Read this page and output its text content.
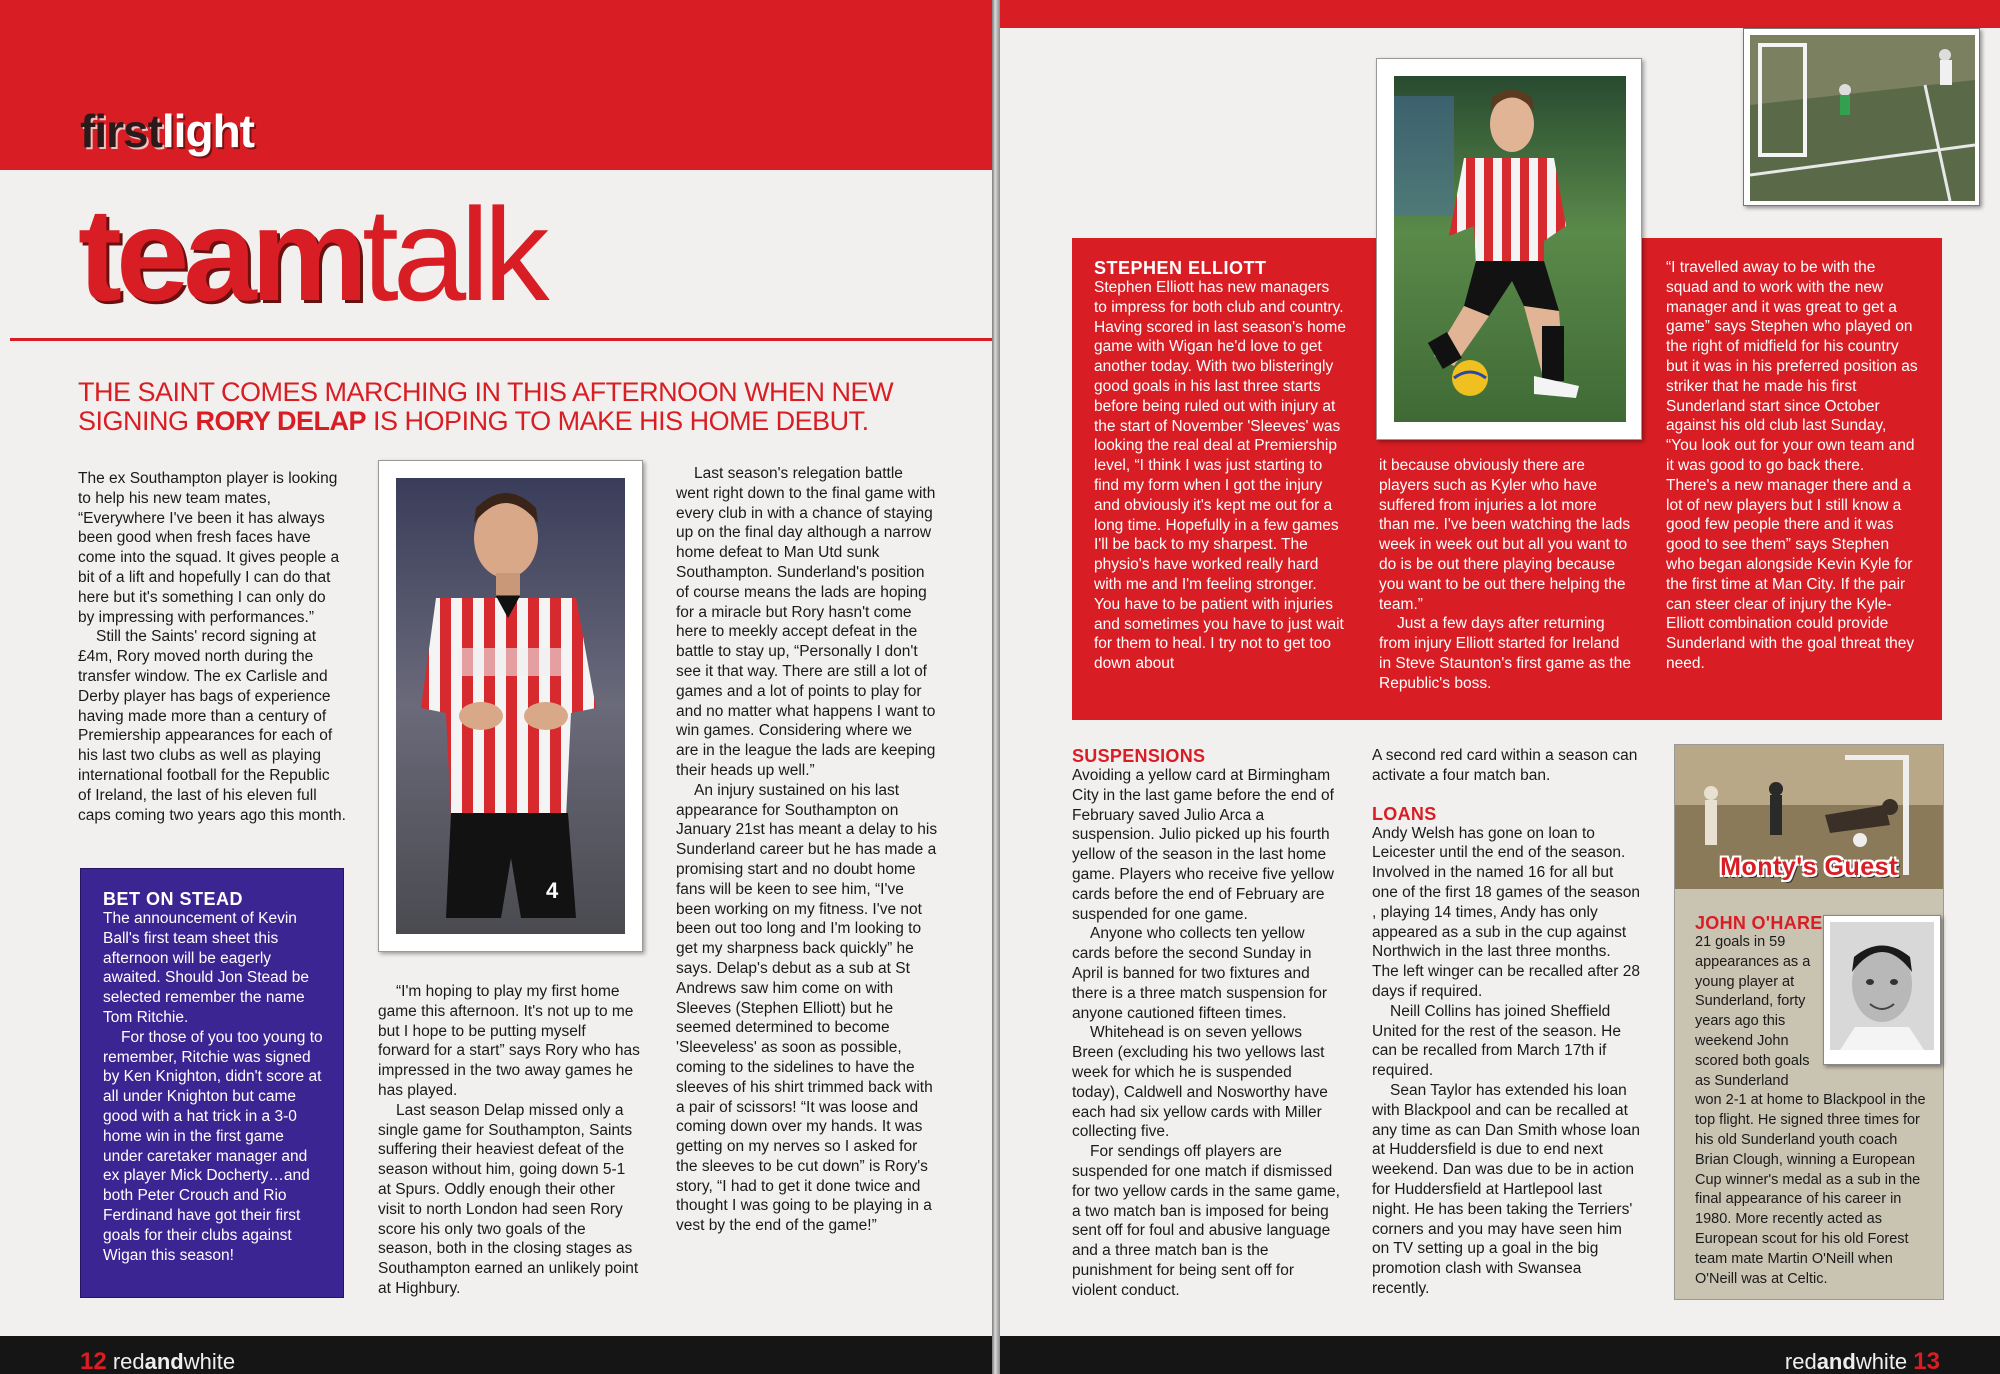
firstlight
teamtalk
THE SAINT COMES MARCHING IN THIS AFTERNOON WHEN NEW SIGNING RORY DELAP IS HOPING TO MAKE HIS HOME DEBUT.

The ex Southampton player is looking to help his new team mates, “Everywhere I've been it has always been good when fresh faces have come into the squad. It gives people a bit of a lift and hopefully I can do that here but it's something I can only do by impressing with performances.”

Still the Saints' record signing at £4m, Rory moved north during the transfer window. The ex Carlisle and Derby player has bags of experience having made more than a century of Premiership appearances for each of his last two clubs as well as playing international football for the Republic of Ireland, the last of his eleven full caps coming two years ago this month.

BET ON STEAD

The announcement of Kevin Ball's first team sheet this afternoon will be eagerly awaited. Should Jon Stead be selected remember the name Tom Ritchie.

For those of you too young to remember, Ritchie was signed by Ken Knighton, didn't score at all under Knighton but came good with a hat trick in a 3-0 home win in the first game under caretaker manager and ex player Mick Docherty…and both Peter Crouch and Rio Ferdinand have got their first goals for their clubs against Wigan this season!

4

“I'm hoping to play my first home game this afternoon. It's not up to me but I hope to be putting myself forward for a start” says Rory who has impressed in the two away games he has played.

Last season Delap missed only a single game for Southampton, Saints suffering their heaviest defeat of the season without him, going down 5-1 at Spurs. Oddly enough their other visit to north London had seen Rory score his only two goals of the season, both in the closing stages as Southampton earned an unlikely point at Highbury.

Last season's relegation battle went right down to the final game with every club in with a chance of staying up on the final day although a narrow home defeat to Man Utd sunk Southampton. Sunderland's position of course means the lads are hoping for a miracle but Rory hasn't come here to meekly accept defeat in the battle to stay up, “Personally I don't see it that way. There are still a lot of games and a lot of points to play for and no matter what happens I want to win games. Considering where we are in the league the lads are keeping their heads up well.”

An injury sustained on his last appearance for Southampton on January 21st has meant a delay to his Sunderland career but he has made a promising start and no doubt home fans will be keen to see him, “I've been working on my fitness. I've not been out too long and I'm looking to get my sharpness back quickly” he says. Delap's debut as a sub at St Andrews saw him come on with Sleeves (Stephen Elliott) but he seemed determined to become 'Sleeveless' as soon as possible, coming to the sidelines to have the sleeves of his shirt trimmed back with a pair of scissors! “It was loose and coming down over my hands. It was getting on my nerves so I asked for the sleeves to be cut down” is Rory's story, “I had to get it done twice and thought I was going to be playing in a vest by the end of the game!”

12 redandwhite
STEPHEN ELLIOTT

Stephen Elliott has new managers to impress for both club and country. Having scored in last season's home game with Wigan he'd love to get another today. With two blisteringly good goals in his last three starts before being ruled out with injury at the start of November 'Sleeves' was looking the real deal at Premiership level, “I think I was just starting to find my form when I got the injury and obviously it's kept me out for a long time. Hopefully in a few games I'll be back to my sharpest. The physio's have worked really hard with me and I'm feeling stronger. You have to be patient with injuries and sometimes you have to just wait for them to heal. I try not to get too down about

it because obviously there are players such as Kyler who have suffered from injuries a lot more than me. I've been watching the lads week in week out but all you want to do is be out there playing because you want to be out there helping the team.”

Just a few days after returning from injury Elliott started for Ireland in Steve Staunton's first game as the Republic's boss.

“I travelled away to be with the squad and to work with the new manager and it was great to get a game” says Stephen who played on the right of midfield for his country but it was in his preferred position as striker that he made his first Sunderland start since October against his old club last Sunday, “You look out for your own team and it was good to go back there. There's a new manager there and a lot of new players but I still know a good few people there and it was good to see them” says Stephen who began alongside Kevin Kyle for the first time at Man City. If the pair can steer clear of injury the Kyle-Elliott combination could provide Sunderland with the goal threat they need.

SUSPENSIONS

Avoiding a yellow card at Birmingham City in the last game before the end of February saved Julio Arca a suspension. Julio picked up his fourth yellow of the season in the last home game. Players who receive five yellow cards before the end of February are suspended for one game.

Anyone who collects ten yellow cards before the second Sunday in April is banned for two fixtures and there is a three match suspension for anyone cautioned fifteen times.

Whitehead is on seven yellows Breen (excluding his two yellows last week for which he is suspended today), Caldwell and Nosworthy have each had six yellow cards with Miller collecting five.

For sendings off players are suspended for one match if dismissed for two yellow cards in the same game, a two match ban is imposed for being sent off for foul and abusive language and a three match ban is the punishment for being sent off for violent conduct.

A second red card within a season can activate a four match ban.

LOANS

Andy Welsh has gone on loan to Leicester until the end of the season. Involved in the named 16 for all but one of the first 18 games of the season , playing 14 times, Andy has only appeared as a sub in the cup against Northwich in the last three months. The left winger can be recalled after 28 days if required.

Neill Collins has joined Sheffield United for the rest of the season. He can be recalled from March 17th if required.

Sean Taylor has extended his loan with Blackpool and can be recalled at any time as can Dan Smith whose loan at Huddersfield is due to end next weekend. Dan was due to be in action for Huddersfield at Hartlepool last night. He has been taking the Terriers' corners and you may have seen him on TV setting up a goal in the big promotion clash with Swansea recently.

Monty's Guest
JOHN O'HARE

21 goals in 59 appearances as a young player at Sunderland, forty years ago this weekend John scored both goals as Sunderland won 2-1 at home to Blackpool in the top flight. He signed three times for his old Sunderland youth coach Brian Clough, winning a European Cup winner's medal as a sub in the final appearance of his career in 1980. More recently acted as European scout for his old Forest team mate Martin O'Neill when O'Neill was at Celtic.

redandwhite 13
